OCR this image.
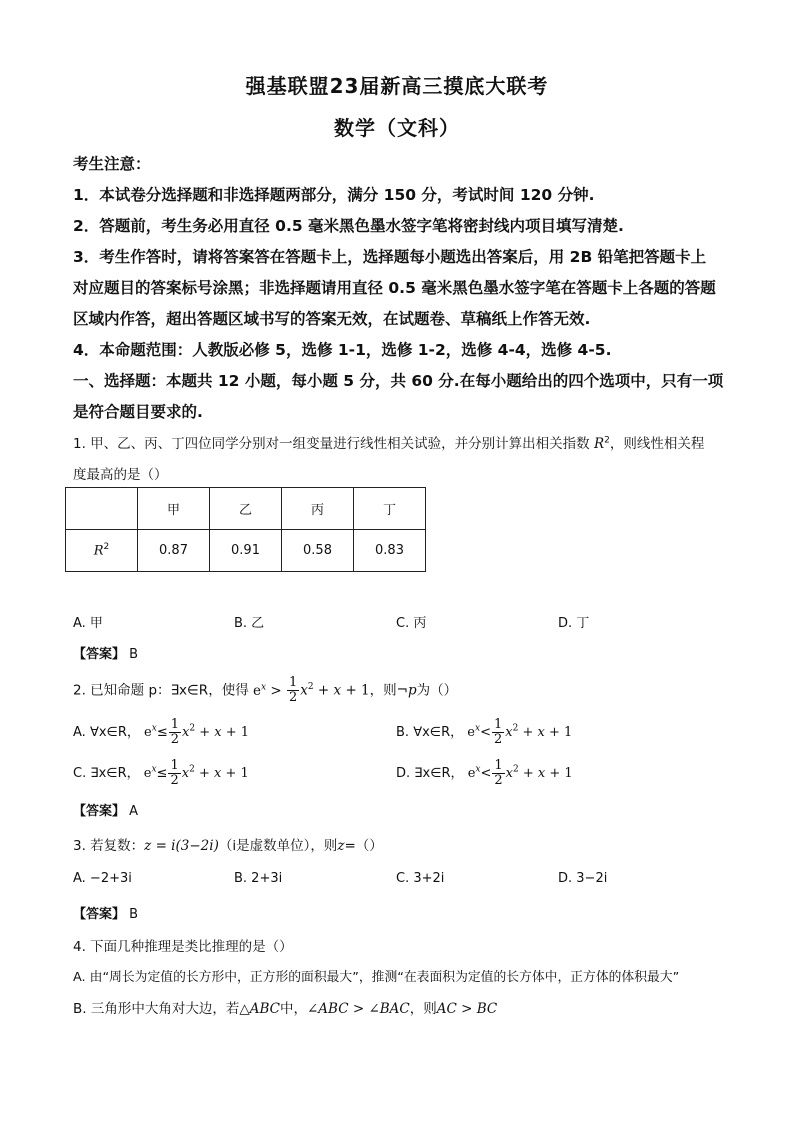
强基联盟23届新高三摸底大联考
数学（文科）
考生注意：
1．本试卷分选择题和非选择题两部分，满分 150 分，考试时间 120 分钟.
2．答题前，考生务必用直径 0.5 毫米黑色墨水签字笔将密封线内项目填写清楚.
3．考生作答时，请将答案答在答题卡上，选择题每小题选出答案后，用 2B 铅笔把答题卡上
对应题目的答案标号涂黑；非选择题请用直径 0.5 毫米黑色墨水签字笔在答题卡上各题的答题
区域内作答，超出答题区域书写的答案无效，在试题卷、草稿纸上作答无效.
4．本命题范围：人教版必修 5，选修 1-1，选修 1-2，选修 4-4，选修 4-5.
一、选择题：本题共 12 小题，每小题 5 分，共 60 分.在每小题给出的四个选项中，只有一项
是符合题目要求的.
1. 甲、乙、丙、丁四位同学分别对一组变量进行线性相关试验，并分别计算出相关指数 $R^2$，则线性相关程
度最高的是（）
	甲	乙	丙	丁
$R^2$	0.87	0.91	0.58	0.83
A. 甲	B. 乙	C. 丙	D. 丁
【答案】 B
2. 已知命题 p：∃x∈R，使得 $e^x > \frac{1}{2} x^2 + x + 1$，则¬p为（）
A. ∀x∈R， $e^x\le \frac{1}{2} x^2 + x + 1$	B. ∀x∈R， $e^x< \frac{1}{2} x^2 + x + 1$
C. ∃x∈R， $e^x\le \frac{1}{2} x^2 + x + 1$	D. ∃x∈R， $e^x< \frac{1}{2} x^2 + x + 1$
【答案】 A
3. 若复数：z = i(3−2i)（i是虚数单位），则z=（）
A. −2+3i	B. 2+3i	C. 3+2i	D. 3−2i
【答案】 B
4. 下面几种推理是类比推理的是（）
A. 由“周长为定值的长方形中，正方形的面积最大”，推测“在表面积为定值的长方体中，正方体的体积最大”
B. 三角形中大角对大边，若△ABC中，∠ABC > ∠BAC，则AC > BC
